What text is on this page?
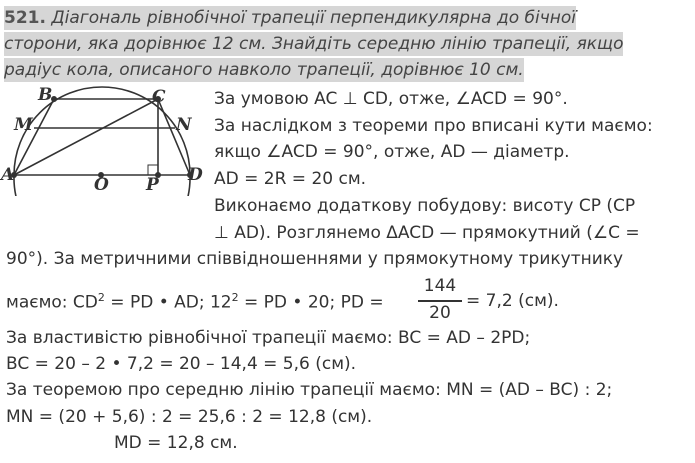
521. Діагональ рівнобічної трапеції перпендикулярна до бічної
сторони, яка дорівнює 12 см. Знайдіть середню лінію трапеції, якщо
радіус кола, описаного навколо трапеції, дорівнює 10 см.
B	C
M	N
A	D
O P
За умовою AC ⊥ CD, отже, ∠ACD = 90°.
За наслідком з теореми про вписані кути маємо:
якщо ∠ACD = 90°, отже, AD — діаметр.
AD = 2R = 20 см.
Виконаємо додаткову побудову: висоту CP (CP
⊥ AD). Розглянемо ΔACD — прямокутний (∠C =
90°). За метричними співвідношеннями у прямокутному трикутнику
маємо: $CD^2$ = PD • AD; $12^2$ = PD • 20; PD =
144
20
= 7,2 (см).
За властивістю рівнобічної трапеції маємо: BC = AD – 2PD;
BC = 20 – 2 • 7,2 = 20 – 14,4 = 5,6 (см).
За теоремою про середню лінію трапеції маємо: MN = (AD – BC) : 2;
MN = (20 + 5,6) : 2 = 25,6 : 2 = 12,8 (см).
MD = 12,8 см.
